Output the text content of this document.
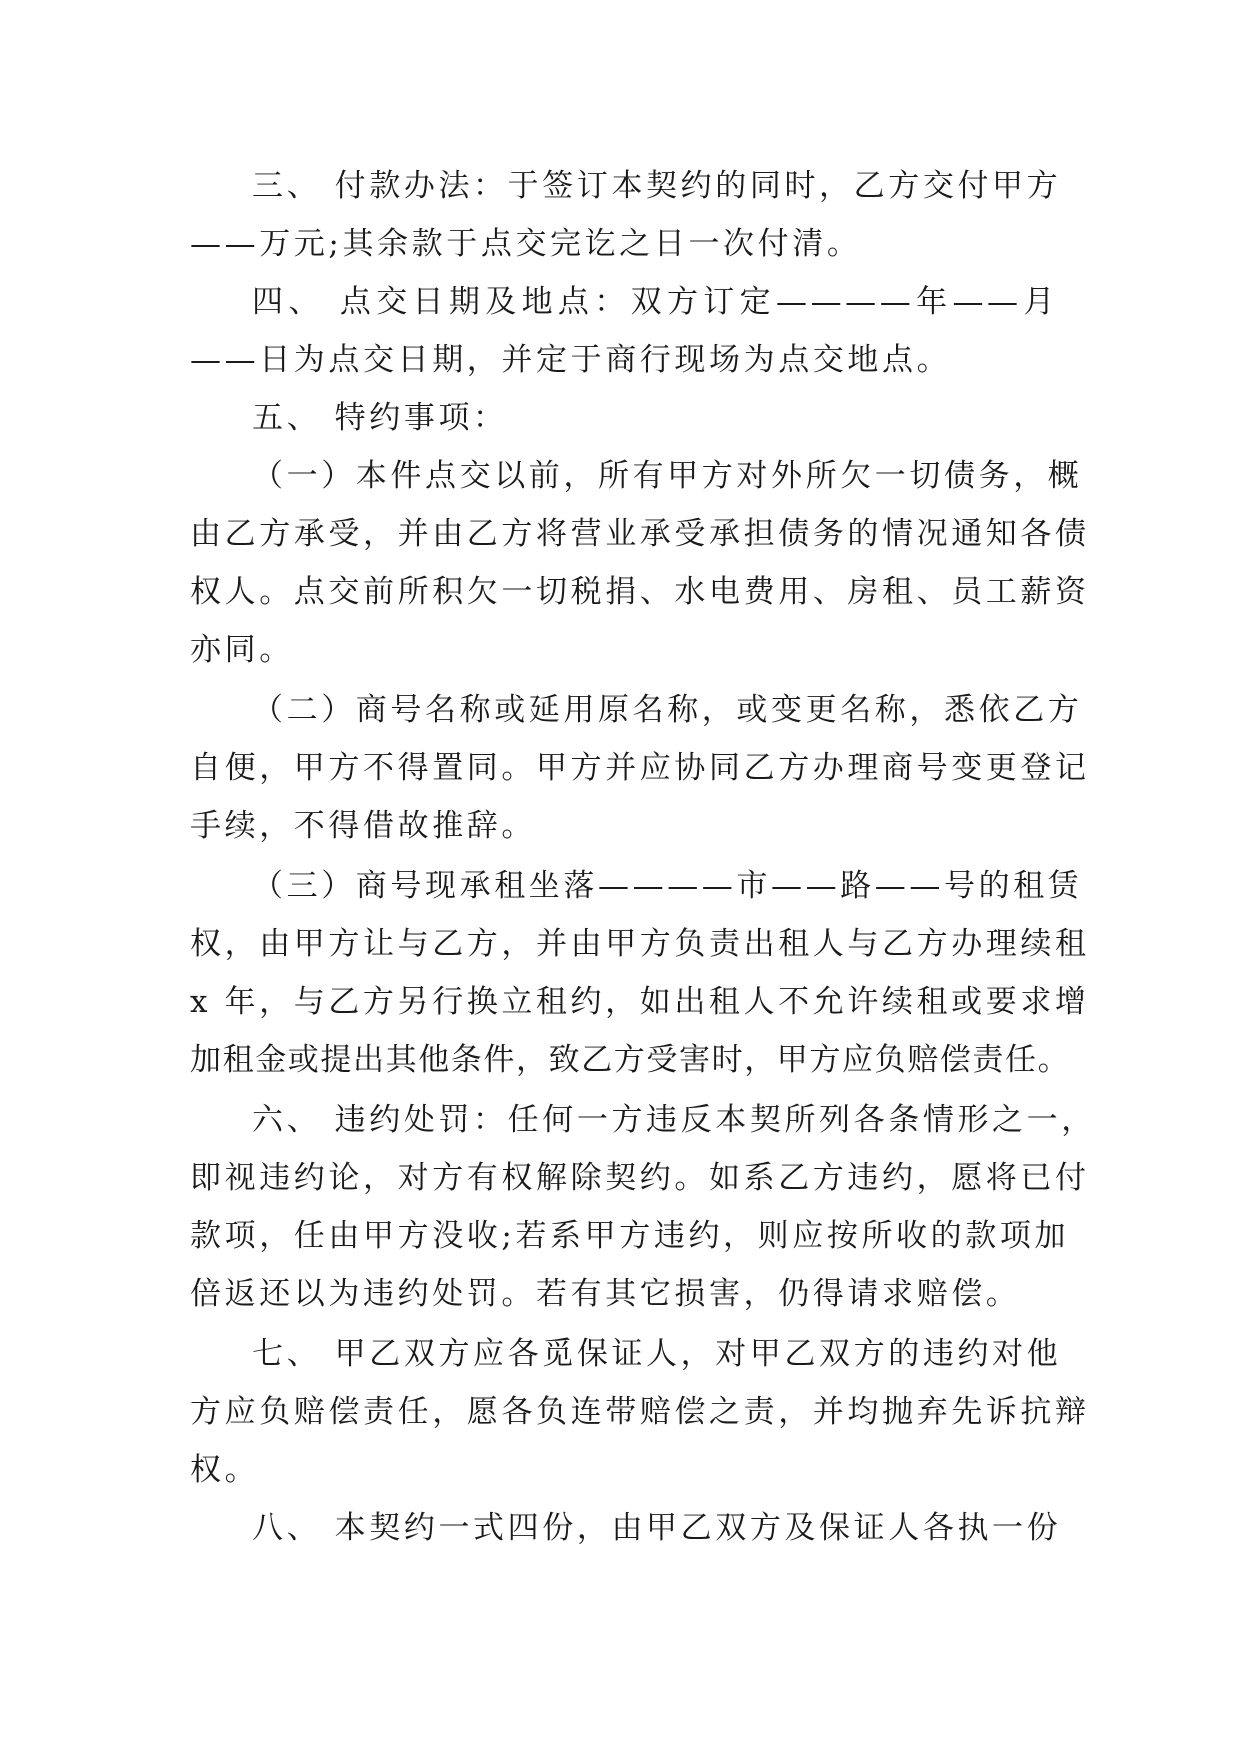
三、 付款办法：于签订本契约的同时，乙方交付甲方
——万元;其余款于点交完讫之日一次付清。
四、 点交日期及地点：双方订定————年——月
——日为点交日期，并定于商行现场为点交地点。
五、 特约事项：
（一）本件点交以前，所有甲方对外所欠一切债务，概
由乙方承受，并由乙方将营业承受承担债务的情况通知各债
权人。点交前所积欠一切税捐、水电费用、房租、员工薪资
亦同。
（二）商号名称或延用原名称，或变更名称，悉依乙方
自便，甲方不得置同。甲方并应协同乙方办理商号变更登记
手续，不得借故推辞。
（三）商号现承租坐落————市——路——号的租赁
权，由甲方让与乙方，并由甲方负责出租人与乙方办理续租
x 年，与乙方另行换立租约，如出租人不允许续租或要求增
加租金或提出其他条件，致乙方受害时，甲方应负赔偿责任。
六、 违约处罚：任何一方违反本契所列各条情形之一，
即视违约论，对方有权解除契约。如系乙方违约，愿将已付
款项，任由甲方没收;若系甲方违约，则应按所收的款项加
倍返还以为违约处罚。若有其它损害，仍得请求赔偿。
七、 甲乙双方应各觅保证人，对甲乙双方的违约对他
方应负赔偿责任，愿各负连带赔偿之责，并均抛弃先诉抗辩
权。
八、 本契约一式四份，由甲乙双方及保证人各执一份
